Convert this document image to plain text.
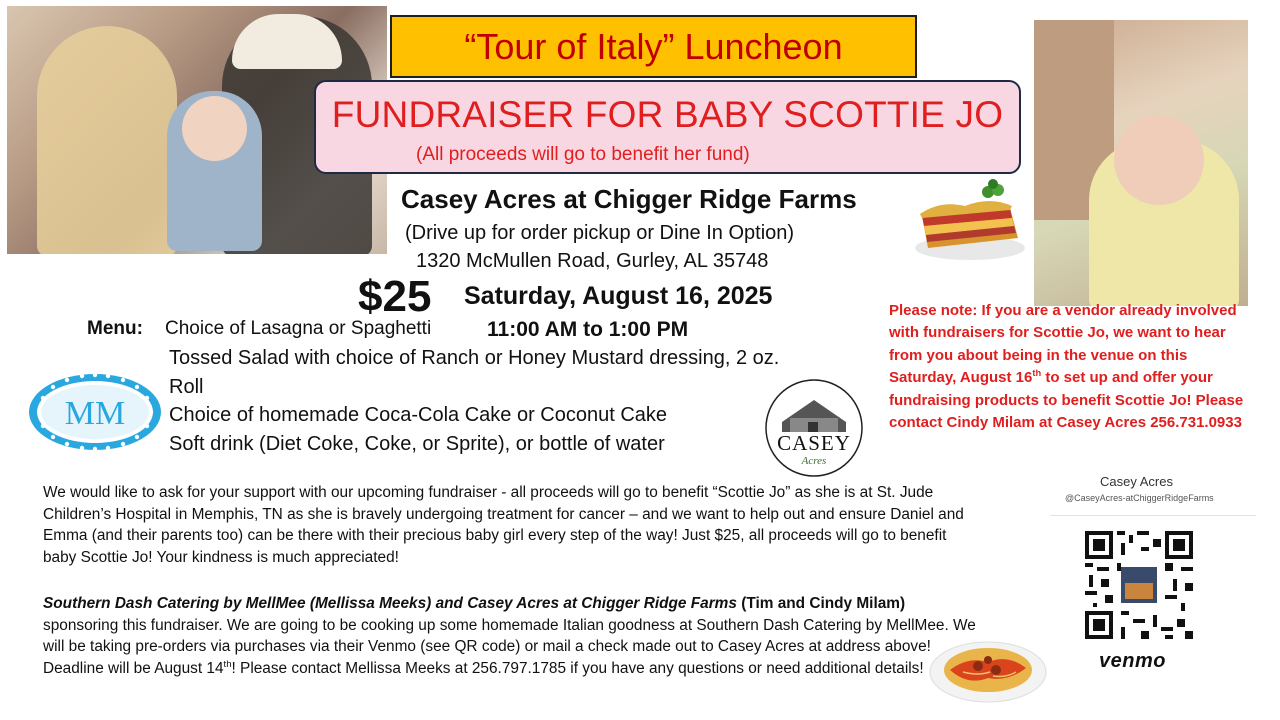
“Tour of Italy” Luncheon
FUNDRAISER FOR BABY SCOTTIE JO
(All proceeds will go to benefit her fund)
Casey Acres at Chigger Ridge Farms
(Drive up for order pickup or Dine In Option)
1320 McMullen Road, Gurley, AL 35748
$25 Saturday, August 16, 2025
11:00 AM to 1:00 PM
Menu: Choice of Lasagna or Spaghetti
Tossed Salad with choice of Ranch or Honey Mustard dressing, 2 oz.
Roll
Choice of homemade Coca-Cola Cake or Coconut Cake
Soft drink (Diet Coke, Coke, or Sprite), or bottle of water
MM
CASEY
Acres
Please note: If you are a vendor already involved with fundraisers for Scottie Jo, we want to hear from you about being in the venue on this Saturday, August 16th to set up and offer your fundraising products to benefit Scottie Jo! Please contact Cindy Milam at Casey Acres 256.731.0933
We would like to ask for your support with our upcoming fundraiser - all proceeds will go to benefit “Scottie Jo” as she is at St. Jude Children’s Hospital in Memphis, TN as she is bravely undergoing treatment for cancer – and we want to help out and ensure Daniel and Emma (and their parents too) can be there with their precious baby girl every step of the way! Just $25, all proceeds will go to benefit baby Scottie Jo! Your kindness is much appreciated!
Southern Dash Catering by MellMee (Mellissa Meeks) and Casey Acres at Chigger Ridge Farms (Tim and Cindy Milam) sponsoring this fundraiser. We are going to be cooking up some homemade Italian goodness at Southern Dash Catering by MellMee. We will be taking pre-orders via purchases via their Venmo (see QR code) or mail a check made out to Casey Acres at address above! Deadline will be August 14th! Please contact Mellissa Meeks at 256.797.1785 if you have any questions or need additional details!
Casey Acres
@CaseyAcres-atChiggerRidgeFarms
venmo
